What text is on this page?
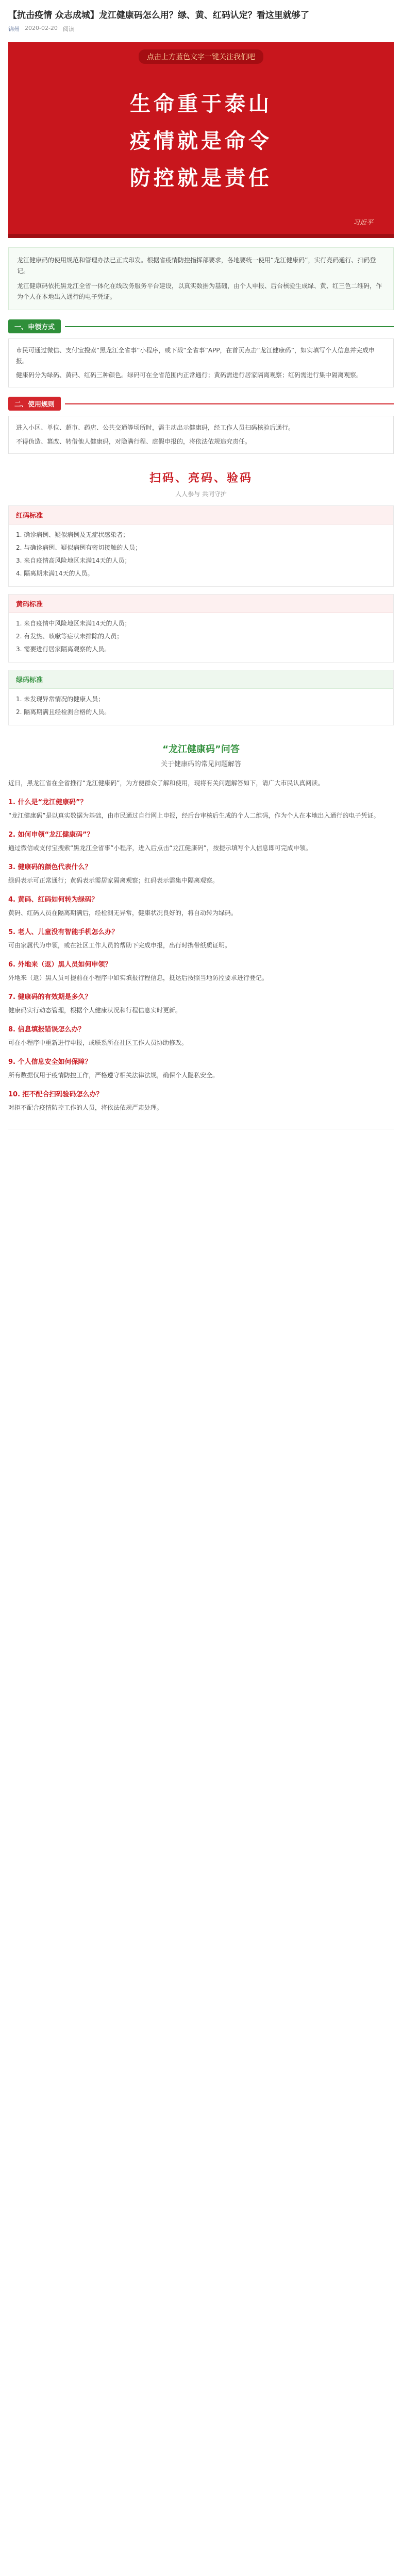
【抗击疫情 众志成城】龙江健康码怎么用？绿、黄、红码认定？看这里就够了
锦州 2020-02-20 阅读
点击上方蓝色文字一键关注我们吧
生命重于泰山
疫情就是命令
防控就是责任
习近平

龙江健康码的使用规范和管理办法已正式印发。根据省疫情防控指挥部要求，各地要统一使用“龙江健康码”，实行亮码通行、扫码登记。

龙江健康码依托黑龙江全省一体化在线政务服务平台建设，以真实数据为基础，由个人申报、后台核验生成绿、黄、红三色二维码，作为个人在本地出入通行的电子凭证。

一、申领方式

市民可通过微信、支付宝搜索“黑龙江全省事”小程序，或下载“全省事”APP，在首页点击“龙江健康码”，如实填写个人信息并完成申报。

健康码分为绿码、黄码、红码三种颜色。绿码可在全省范围内正常通行；黄码需进行居家隔离观察；红码需进行集中隔离观察。

二、使用规则

进入小区、单位、超市、药店、公共交通等场所时，需主动出示健康码，经工作人员扫码核验后通行。

不得伪造、篡改、转借他人健康码，对隐瞒行程、虚假申报的，将依法依规追究责任。

扫码、亮码、验码
人人参与 共同守护
红码标准
1. 确诊病例、疑似病例及无症状感染者；
2. 与确诊病例、疑似病例有密切接触的人员；
3. 来自疫情高风险地区未满14天的人员；
4. 隔离期未满14天的人员。
黄码标准
1. 来自疫情中风险地区未满14天的人员；
2. 有发热、咳嗽等症状未排除的人员；
3. 需要进行居家隔离观察的人员。
绿码标准
1. 未发现异常情况的健康人员；
2. 隔离期满且经检测合格的人员。
“龙江健康码”问答
关于健康码的常见问题解答
近日，黑龙江省在全省推行“龙江健康码”，为方便群众了解和使用，现将有关问题解答如下，请广大市民认真阅读。
1. 什么是“龙江健康码”？
“龙江健康码”是以真实数据为基础，由市民通过自行网上申报，经后台审核后生成的个人二维码，作为个人在本地出入通行的电子凭证。
2. 如何申领“龙江健康码”？
通过微信或支付宝搜索“黑龙江全省事”小程序，进入后点击“龙江健康码”，按提示填写个人信息即可完成申领。
3. 健康码的颜色代表什么？
绿码表示可正常通行；黄码表示需居家隔离观察；红码表示需集中隔离观察。
4. 黄码、红码如何转为绿码？
黄码、红码人员在隔离期满后，经检测无异常，健康状况良好的，将自动转为绿码。
5. 老人、儿童没有智能手机怎么办？
可由家属代为申领，或在社区工作人员的帮助下完成申报，出行时携带纸质证明。
6. 外地来（返）黑人员如何申领？
外地来（返）黑人员可提前在小程序中如实填报行程信息，抵达后按照当地防控要求进行登记。
7. 健康码的有效期是多久？
健康码实行动态管理，根据个人健康状况和行程信息实时更新。
8. 信息填报错误怎么办？
可在小程序中重新进行申报，或联系所在社区工作人员协助修改。
9. 个人信息安全如何保障？
所有数据仅用于疫情防控工作，严格遵守相关法律法规，确保个人隐私安全。
10. 拒不配合扫码验码怎么办？
对拒不配合疫情防控工作的人员，将依法依规严肃处理。
